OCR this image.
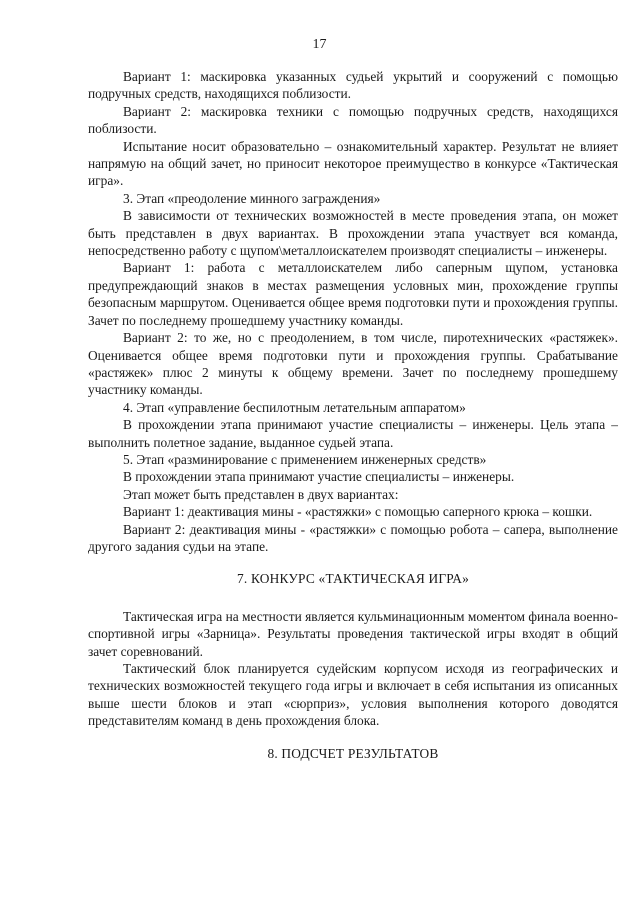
17

Вариант 1: маскировка указанных судьей укрытий и сооружений с помощью подручных средств, находящихся поблизости.

Вариант 2: маскировка техники с помощью подручных средств, находящихся поблизости.

Испытание носит образовательно – ознакомительный характер. Результат не влияет напрямую на общий зачет, но приносит некоторое преимущество в конкурсе «Тактическая игра».

3. Этап «преодоление минного заграждения»

В зависимости от технических возможностей в месте проведения этапа, он может быть представлен в двух вариантах. В прохождении этапа участвует вся команда, непосредственно работу с щупом\металлоискателем производят специалисты – инженеры.

Вариант 1: работа с металлоискателем либо саперным щупом, установка предупреждающий знаков в местах размещения условных мин, прохождение группы безопасным маршрутом. Оценивается общее время подготовки пути и прохождения группы. Зачет по последнему прошедшему участнику команды.

Вариант 2: то же, но с преодолением, в том числе, пиротехнических «растяжек». Оценивается общее время подготовки пути и прохождения группы. Срабатывание «растяжек» плюс 2 минуты к общему времени. Зачет по последнему прошедшему участнику команды.

4. Этап «управление беспилотным летательным аппаратом»

В прохождении этапа принимают участие специалисты – инженеры. Цель этапа – выполнить полетное задание, выданное судьей этапа.

5. Этап «разминирование с применением инженерных средств»

В прохождении этапа принимают участие специалисты – инженеры.

Этап может быть представлен в двух вариантах:

Вариант 1: деактивация мины - «растяжки» с помощью саперного крюка – кошки.

Вариант 2: деактивация мины - «растяжки» с помощью робота – сапера, выполнение другого задания судьи на этапе.

7. КОНКУРС «ТАКТИЧЕСКАЯ ИГРА»

Тактическая игра на местности является кульминационным моментом финала военно-спортивной игры «Зарница». Результаты проведения тактической игры входят в общий зачет соревнований.

Тактический блок планируется судейским корпусом исходя из географических и технических возможностей текущего года игры и включает в себя испытания из описанных выше шести блоков и этап «сюрприз», условия выполнения которого доводятся представителям команд в день прохождения блока.

8. ПОДСЧЕТ РЕЗУЛЬТАТОВ
